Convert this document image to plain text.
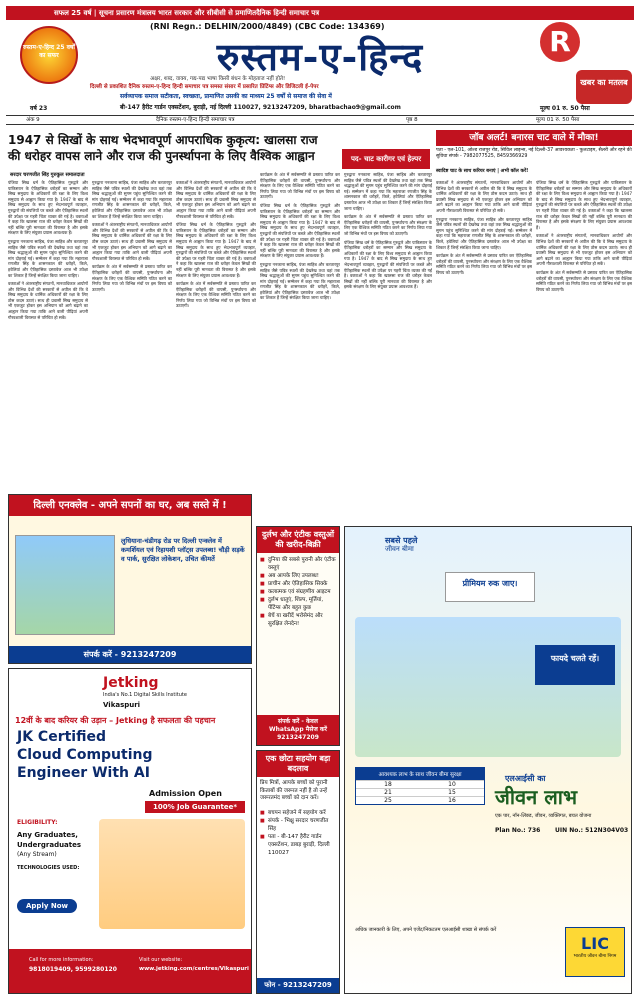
सफल 25 वर्ष | सूचना प्रसारण मंत्रालय भारत सरकार और सीबीसी से प्रमाणितदैनिक हिन्दी समाचार पत्र
रुस्तम-ए-हिन्द 25 वर्षों का सफर
(RNI Regn.: DELHIN/2000/4849) (CBC Code: 134369)
रुस्तम-ए-हिन्द	R
खबर का मतलब
अक्षर, शब्द, वाक्य, गद्य-पद्य भाषा किसी बंधन के मोहताज नहीं होते!
दिल्ली से प्रकाशित दैनिक रुस्तम-ए-हिन्द हिन्दी समाचार पत्र समस्त संसार में प्रसारित प्रिंटिंग्स और डिजिटली ई-पेपर
सर्वव्यापक समाज सटीकता, स्वच्छता, प्रामाणित उसकी का माध्यम 25 वर्षों से समाज की सेवा में
बी-147 हैरीट गार्डन एक्सटेंशन, बुराड़ी, नई दिल्ली 110027, 9213247209, bharatbachao9@gmail.com
वर्ष 23	मूल्य 01 रु. 50 पैसा
अंक 9	दैनिक रुस्तम-ए-हिन्द हिन्दी समाचार पत्र	पृष्ठ 8	मूल्य 01 रु. 50 पैसा
1947 से सिखों के साथ भेदभावपूर्ण आपराधिक कुकृत्य: खालसा राज
की धरोहर वापस लाने और राज की पुनर्स्थापना के लिए वैश्विक आह्वान
जॉब अलर्ट! बनारस चाट वाले में मौका!
पद- चाट कारीगर एवं हेल्पर
पता - एल-101, ओल्ड राजपुर रोड, सिविल लाइन्स, नई दिल्ली-37 आवश्यकता - फुलटाइम, सैलरी और रहने की सुविधा संपर्क - 7982077525, 8459366929
स्वादिष्ट चाट के साथ करियर बनाएं | अभी कॉल करें!
सरदार चरणजीत सिंह गुरुकुल समालदाता

पंजिया सिख धर्म के ऐतिहासिक गुरुद्वारे और पाकिस्तान के ऐतिहासिक धरोहरों का सम्मान और सिख समुदाय के अधिकारों की रक्षा के लिए विश्व समुदाय से आह्वान किया गया है। 1947 के बाद से सिख समुदाय के साथ हुए भेदभावपूर्ण व्यवहार, गुरुद्वारों की संपत्तियों पर कब्जे और ऐतिहासिक स्थलों की उपेक्षा पर गहरी चिंता व्यक्त की गई है। वक्ताओं ने कहा कि खालसा राज की धरोहर केवल सिखों की नहीं बल्कि पूरी मानवता की विरासत है और इसके संरक्षण के लिए संयुक्त प्रयास आवश्यक हैं।

गुरुद्वारा ननकाना साहिब, पंजा साहिब और करतारपुर साहिब जैसे पवित्र स्थलों की देखरेख तथा वहां तक सिख श्रद्धालुओं की सुगम पहुंच सुनिश्चित करने की मांग दोहराई गई। सम्मेलन में कहा गया कि महाराजा रणजीत सिंह के शासनकाल की धरोहरें, किले, हवेलियां और ऐतिहासिक दस्तावेज आज भी उपेक्षा का शिकार हैं जिन्हें संरक्षित किया जाना चाहिए।

वक्ताओं ने अंतरराष्ट्रीय संगठनों, मानवाधिकार आयोगों और विभिन्न देशों की सरकारों से अपील की कि वे सिख समुदाय के धार्मिक अधिकारों की रक्षा के लिए ठोस कदम उठाएं। साथ ही प्रवासी सिख समुदाय से भी एकजुट होकर इस अभियान को आगे बढ़ाने का आह्वान किया गया ताकि आने वाली पीढ़ियां अपनी गौरवशाली विरासत से परिचित हो सकें।

गुरुद्वारा ननकाना साहिब, पंजा साहिब और करतारपुर साहिब जैसे पवित्र स्थलों की देखरेख तथा वहां तक सिख श्रद्धालुओं की सुगम पहुंच सुनिश्चित करने की मांग दोहराई गई। सम्मेलन में कहा गया कि महाराजा रणजीत सिंह के शासनकाल की धरोहरें, किले, हवेलियां और ऐतिहासिक दस्तावेज आज भी उपेक्षा का शिकार हैं जिन्हें संरक्षित किया जाना चाहिए।

वक्ताओं ने अंतरराष्ट्रीय संगठनों, मानवाधिकार आयोगों और विभिन्न देशों की सरकारों से अपील की कि वे सिख समुदाय के धार्मिक अधिकारों की रक्षा के लिए ठोस कदम उठाएं। साथ ही प्रवासी सिख समुदाय से भी एकजुट होकर इस अभियान को आगे बढ़ाने का आह्वान किया गया ताकि आने वाली पीढ़ियां अपनी गौरवशाली विरासत से परिचित हो सकें।

कार्यक्रम के अंत में सर्वसम्मति से प्रस्ताव पारित कर ऐतिहासिक धरोहरों की वापसी, पुनर्स्थापना और संरक्षण के लिए एक वैश्विक समिति गठित करने का निर्णय लिया गया जो विभिन्न मंचों पर इस विषय को उठाएगी।

वक्ताओं ने अंतरराष्ट्रीय संगठनों, मानवाधिकार आयोगों और विभिन्न देशों की सरकारों से अपील की कि वे सिख समुदाय के धार्मिक अधिकारों की रक्षा के लिए ठोस कदम उठाएं। साथ ही प्रवासी सिख समुदाय से भी एकजुट होकर इस अभियान को आगे बढ़ाने का आह्वान किया गया ताकि आने वाली पीढ़ियां अपनी गौरवशाली विरासत से परिचित हो सकें।

पंजिया सिख धर्म के ऐतिहासिक गुरुद्वारे और पाकिस्तान के ऐतिहासिक धरोहरों का सम्मान और सिख समुदाय के अधिकारों की रक्षा के लिए विश्व समुदाय से आह्वान किया गया है। 1947 के बाद से सिख समुदाय के साथ हुए भेदभावपूर्ण व्यवहार, गुरुद्वारों की संपत्तियों पर कब्जे और ऐतिहासिक स्थलों की उपेक्षा पर गहरी चिंता व्यक्त की गई है। वक्ताओं ने कहा कि खालसा राज की धरोहर केवल सिखों की नहीं बल्कि पूरी मानवता की विरासत है और इसके संरक्षण के लिए संयुक्त प्रयास आवश्यक हैं।

कार्यक्रम के अंत में सर्वसम्मति से प्रस्ताव पारित कर ऐतिहासिक धरोहरों की वापसी, पुनर्स्थापना और संरक्षण के लिए एक वैश्विक समिति गठित करने का निर्णय लिया गया जो विभिन्न मंचों पर इस विषय को उठाएगी।

कार्यक्रम के अंत में सर्वसम्मति से प्रस्ताव पारित कर ऐतिहासिक धरोहरों की वापसी, पुनर्स्थापना और संरक्षण के लिए एक वैश्विक समिति गठित करने का निर्णय लिया गया जो विभिन्न मंचों पर इस विषय को उठाएगी।

पंजिया सिख धर्म के ऐतिहासिक गुरुद्वारे और पाकिस्तान के ऐतिहासिक धरोहरों का सम्मान और सिख समुदाय के अधिकारों की रक्षा के लिए विश्व समुदाय से आह्वान किया गया है। 1947 के बाद से सिख समुदाय के साथ हुए भेदभावपूर्ण व्यवहार, गुरुद्वारों की संपत्तियों पर कब्जे और ऐतिहासिक स्थलों की उपेक्षा पर गहरी चिंता व्यक्त की गई है। वक्ताओं ने कहा कि खालसा राज की धरोहर केवल सिखों की नहीं बल्कि पूरी मानवता की विरासत है और इसके संरक्षण के लिए संयुक्त प्रयास आवश्यक हैं।

गुरुद्वारा ननकाना साहिब, पंजा साहिब और करतारपुर साहिब जैसे पवित्र स्थलों की देखरेख तथा वहां तक सिख श्रद्धालुओं की सुगम पहुंच सुनिश्चित करने की मांग दोहराई गई। सम्मेलन में कहा गया कि महाराजा रणजीत सिंह के शासनकाल की धरोहरें, किले, हवेलियां और ऐतिहासिक दस्तावेज आज भी उपेक्षा का शिकार हैं जिन्हें संरक्षित किया जाना चाहिए।

गुरुद्वारा ननकाना साहिब, पंजा साहिब और करतारपुर साहिब जैसे पवित्र स्थलों की देखरेख तथा वहां तक सिख श्रद्धालुओं की सुगम पहुंच सुनिश्चित करने की मांग दोहराई गई। सम्मेलन में कहा गया कि महाराजा रणजीत सिंह के शासनकाल की धरोहरें, किले, हवेलियां और ऐतिहासिक दस्तावेज आज भी उपेक्षा का शिकार हैं जिन्हें संरक्षित किया जाना चाहिए।

कार्यक्रम के अंत में सर्वसम्मति से प्रस्ताव पारित कर ऐतिहासिक धरोहरों की वापसी, पुनर्स्थापना और संरक्षण के लिए एक वैश्विक समिति गठित करने का निर्णय लिया गया जो विभिन्न मंचों पर इस विषय को उठाएगी।

पंजिया सिख धर्म के ऐतिहासिक गुरुद्वारे और पाकिस्तान के ऐतिहासिक धरोहरों का सम्मान और सिख समुदाय के अधिकारों की रक्षा के लिए विश्व समुदाय से आह्वान किया गया है। 1947 के बाद से सिख समुदाय के साथ हुए भेदभावपूर्ण व्यवहार, गुरुद्वारों की संपत्तियों पर कब्जे और ऐतिहासिक स्थलों की उपेक्षा पर गहरी चिंता व्यक्त की गई है। वक्ताओं ने कहा कि खालसा राज की धरोहर केवल सिखों की नहीं बल्कि पूरी मानवता की विरासत है और इसके संरक्षण के लिए संयुक्त प्रयास आवश्यक हैं।

वक्ताओं ने अंतरराष्ट्रीय संगठनों, मानवाधिकार आयोगों और विभिन्न देशों की सरकारों से अपील की कि वे सिख समुदाय के धार्मिक अधिकारों की रक्षा के लिए ठोस कदम उठाएं। साथ ही प्रवासी सिख समुदाय से भी एकजुट होकर इस अभियान को आगे बढ़ाने का आह्वान किया गया ताकि आने वाली पीढ़ियां अपनी गौरवशाली विरासत से परिचित हो सकें।

गुरुद्वारा ननकाना साहिब, पंजा साहिब और करतारपुर साहिब जैसे पवित्र स्थलों की देखरेख तथा वहां तक सिख श्रद्धालुओं की सुगम पहुंच सुनिश्चित करने की मांग दोहराई गई। सम्मेलन में कहा गया कि महाराजा रणजीत सिंह के शासनकाल की धरोहरें, किले, हवेलियां और ऐतिहासिक दस्तावेज आज भी उपेक्षा का शिकार हैं जिन्हें संरक्षित किया जाना चाहिए।

कार्यक्रम के अंत में सर्वसम्मति से प्रस्ताव पारित कर ऐतिहासिक धरोहरों की वापसी, पुनर्स्थापना और संरक्षण के लिए एक वैश्विक समिति गठित करने का निर्णय लिया गया जो विभिन्न मंचों पर इस विषय को उठाएगी।

पंजिया सिख धर्म के ऐतिहासिक गुरुद्वारे और पाकिस्तान के ऐतिहासिक धरोहरों का सम्मान और सिख समुदाय के अधिकारों की रक्षा के लिए विश्व समुदाय से आह्वान किया गया है। 1947 के बाद से सिख समुदाय के साथ हुए भेदभावपूर्ण व्यवहार, गुरुद्वारों की संपत्तियों पर कब्जे और ऐतिहासिक स्थलों की उपेक्षा पर गहरी चिंता व्यक्त की गई है। वक्ताओं ने कहा कि खालसा राज की धरोहर केवल सिखों की नहीं बल्कि पूरी मानवता की विरासत है और इसके संरक्षण के लिए संयुक्त प्रयास आवश्यक हैं।

वक्ताओं ने अंतरराष्ट्रीय संगठनों, मानवाधिकार आयोगों और विभिन्न देशों की सरकारों से अपील की कि वे सिख समुदाय के धार्मिक अधिकारों की रक्षा के लिए ठोस कदम उठाएं। साथ ही प्रवासी सिख समुदाय से भी एकजुट होकर इस अभियान को आगे बढ़ाने का आह्वान किया गया ताकि आने वाली पीढ़ियां अपनी गौरवशाली विरासत से परिचित हो सकें।

कार्यक्रम के अंत में सर्वसम्मति से प्रस्ताव पारित कर ऐतिहासिक धरोहरों की वापसी, पुनर्स्थापना और संरक्षण के लिए एक वैश्विक समिति गठित करने का निर्णय लिया गया जो विभिन्न मंचों पर इस विषय को उठाएगी।

दिल्ली एनक्लेव - अपने सपनों का घर, अब सस्ते में !
लुधियाना-चंडीगढ़ रोड पर दिल्ली एन्क्लेव में कमर्शियल एवं रिहायशी प्लॉट्स उपलब्ध! चौड़ी सड़कें व पार्क, सुरक्षित लोकेशन, उचित कीमतें
संपर्क करें - 9213247209
दुर्लभ और एंटीक वस्तुओं की खरीद-बिक्री
■ दुनिया की सबसे पुरानी और एंटीक वस्तुएं
■ अब आपके लिए उपलब्ध!
■ प्राचीन और ऐतिहासिक सिक्के
■ कलात्मक एवं संग्रहणीय आइटम
■ दुर्लभ धातुएं, शिल्प, मूर्तियां, पेंटिंग्स और बहुत कुछ
■ बेचें या खरीदें भरोसेमंद और सुरक्षित लेनदेन!
संपर्क करें - केवल WhatsApp मैसेज करें 9213247209
सबसे पहले
जीवन बीमा
प्रीमियम रुक जाए।
फायदे चलते रहें।
एलआईसी का
जीवन लाभ
एक पार, नॉन-लिंक्ड, जीवन, व्यक्तिगत, बचत योजना
Plan No.: 736 UIN No.: 512N304V03
आवश्यक लाभ के साथ जीवन बीमा सुरक्षा
18	10
21	15
25	16
अधिक जानकारी के लिए, अपने एजेंट/निकटतम एलआईसी शाखा से संपर्क करें
LIC
भारतीय जीवन बीमा निगम
Jetking
India's No.1 Digital Skills Institute
Vikaspuri
12वीं के बाद करियर की उड़ान – Jetking है सफलता की पहचान
JK Certified
Cloud Computing
Engineer With AI
Admission Open
100% Job Guarantee*
ELIGIBILITY:
Any Graduates,
Undergraduates
(Any Stream)
TECHNOLOGIES USED:
Apply Now
Call for more information:
9818019409, 9599280120
Visit our website:
www.jetking.com/centres/Vikaspuri
एक छोटा सहयोग बड़ा बदलाव
प्रिय मित्रों, आपके बच्चों को पुरानी किताबों की जरूरत नहीं है तो उन्हें जरूरतमंद बच्चों को दान करें।
■ बचपन सहेजने में सहयोग करें
■ संपर्क - भिक्षु सरदार चरणजीत सिंह
■ पता - बी-147 हैरीट गार्डन एक्सटेंशन, डाबड़ बुराड़ी, दिल्ली 110027
फोन - 9213247209
